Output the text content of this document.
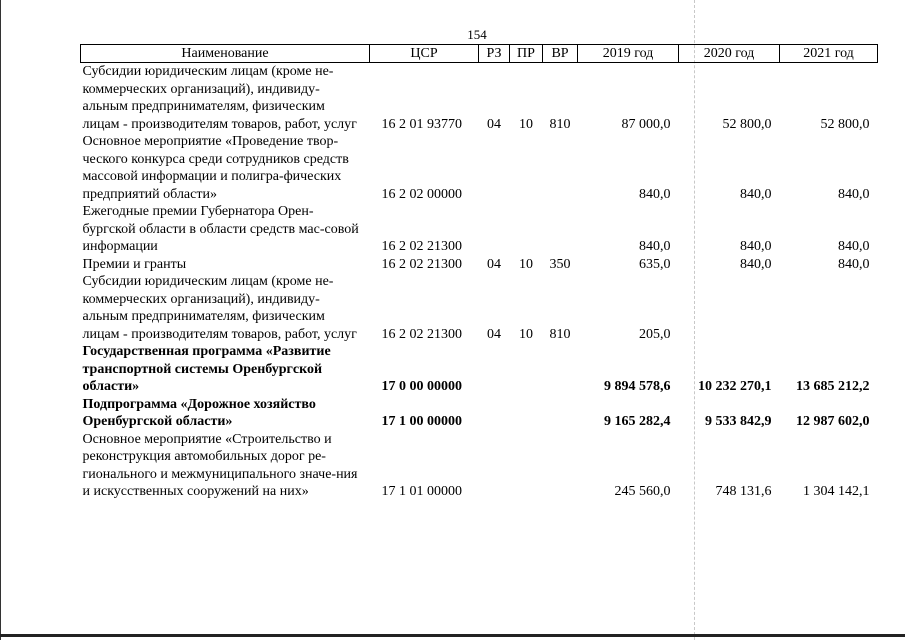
154
Наименование	ЦСР	РЗ	ПР	ВР	2019 год	2020 год	2021 год
Субсидии юридическим лицам (кроме не-коммерческих организаций), индивиду-альным предпринимателям, физическим лицам - производителям товаров, работ, услуг	16 2 01 93770	04	10	810	87 000,0	52 800,0	52 800,0
Основное мероприятие «Проведение твор-ческого конкурса среди сотрудников средств массовой информации и полигра-фических предприятий области»	16 2 02 00000				840,0	840,0	840,0
Ежегодные премии Губернатора Орен-бургской области в области средств мас-совой информации	16 2 02 21300				840,0	840,0	840,0
Премии и гранты	16 2 02 21300	04	10	350	635,0	840,0	840,0
Субсидии юридическим лицам (кроме не-коммерческих организаций), индивиду-альным предпринимателям, физическим лицам - производителям товаров, работ, услуг	16 2 02 21300	04	10	810	205,0		
Государственная программа «Развитие транспортной системы Оренбургской области»	17 0 00 00000				9 894 578,6	10 232 270,1	13 685 212,2
Подпрограмма «Дорожное хозяйство Оренбургской области»	17 1 00 00000				9 165 282,4	9 533 842,9	12 987 602,0
Основное мероприятие «Строительство и реконструкция автомобильных дорог ре-гионального и межмуниципального значе-ния и искусственных сооружений на них»	17 1 01 00000				245 560,0	748 131,6	1 304 142,1
